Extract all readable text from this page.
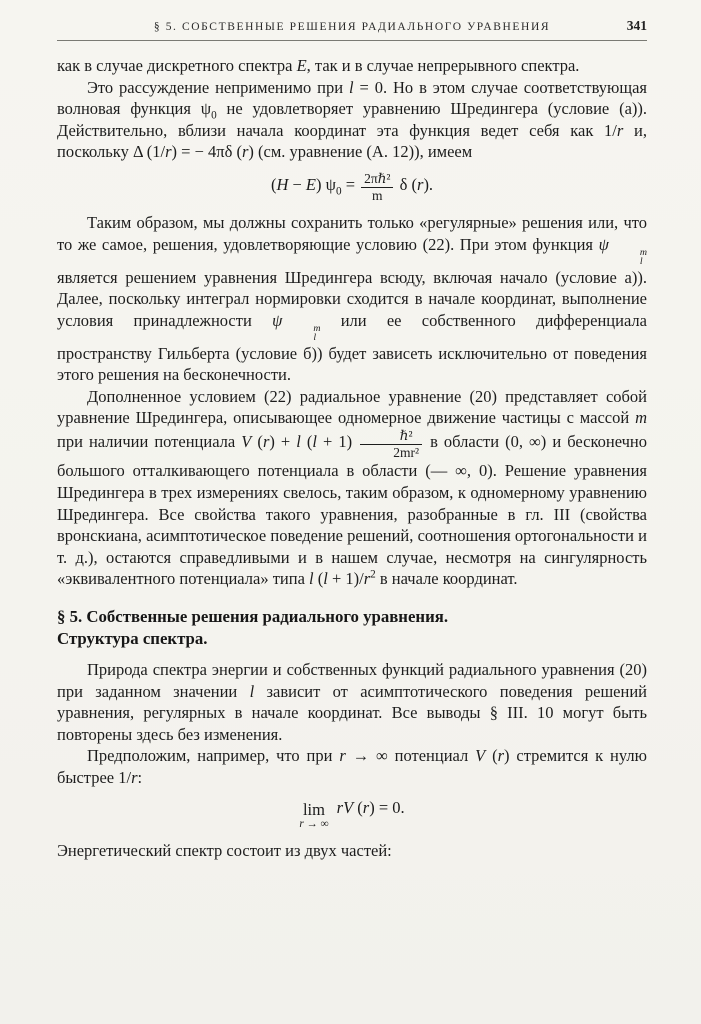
§ 5. СОБСТВЕННЫЕ РЕШЕНИЯ РАДИАЛЬНОГО УРАВНЕНИЯ	341

как в случае дискретного спектра E, так и в случае непрерывного спектра.

Это рассуждение неприменимо при l = 0. Но в этом случае соответствующая волновая функция $\psi_0$ не удовлетворяет уравнению Шредингера (условие (а)). Действительно, вблизи начала координат эта функция ведет себя как 1/r и, поскольку Δ (1/r) = − 4πδ (r) (см. уравнение (А. 12)), имеем

(H − E) $\psi_0 = \frac{\text{2πℏ²}}{m}$ δ (r).

Таким образом, мы должны сохранить только «регулярные» решения или, что то же самое, решения, удовлетворяющие условию (22). При этом функция ψ	m
l
является решением уравнения Шредингера всюду, включая начало (условие а)). Далее, поскольку интеграл нормировки сходится в начале координат, выполнение условия принадлежности ψ	m
l
или ее собственного дифференциала пространству Гильберта (условие б)) будет зависеть исключительно от поведения этого решения на бесконечности.

Дополненное условием (22) радиальное уравнение (20) представляет собой уравнение Шредингера, описывающее одномерное движение частицы с массой m при наличии потенциала V (r) + l $(l + 1) \frac{\text{ℏ²}}{\text{2mr²}}$ в области (0, ∞) и бесконечно большого отталкивающего потенциала в области (— ∞, 0). Решение уравнения Шредингера в трех измерениях свелось, таким образом, к одномерному уравнению Шредингера. Все свойства такого уравнения, разобранные в гл. III (свойства вронскиана, асимптотическое поведение решений, соотношения ортогональности и т. д.), остаются справедливыми и в нашем случае, несмотря на сингулярность «эквивалентного потенциала» типа l $(l + 1)/r^2$ в начале координат.

§ 5. Собственные решения радиального уравнения.
Структура спектра.

Природа спектра энергии и собственных функций радиального уравнения (20) при заданном значении l зависит от асимптотического поведения решений уравнения, регулярных в начале координат. Все выводы § III. 10 могут быть повторены здесь без изменения.

Предположим, например, что при r → ∞ потенциал V (r) стремится к нулю быстрее 1/r:

lim
r → ∞
rV (r) = 0.

Энергетический спектр состоит из двух частей:
